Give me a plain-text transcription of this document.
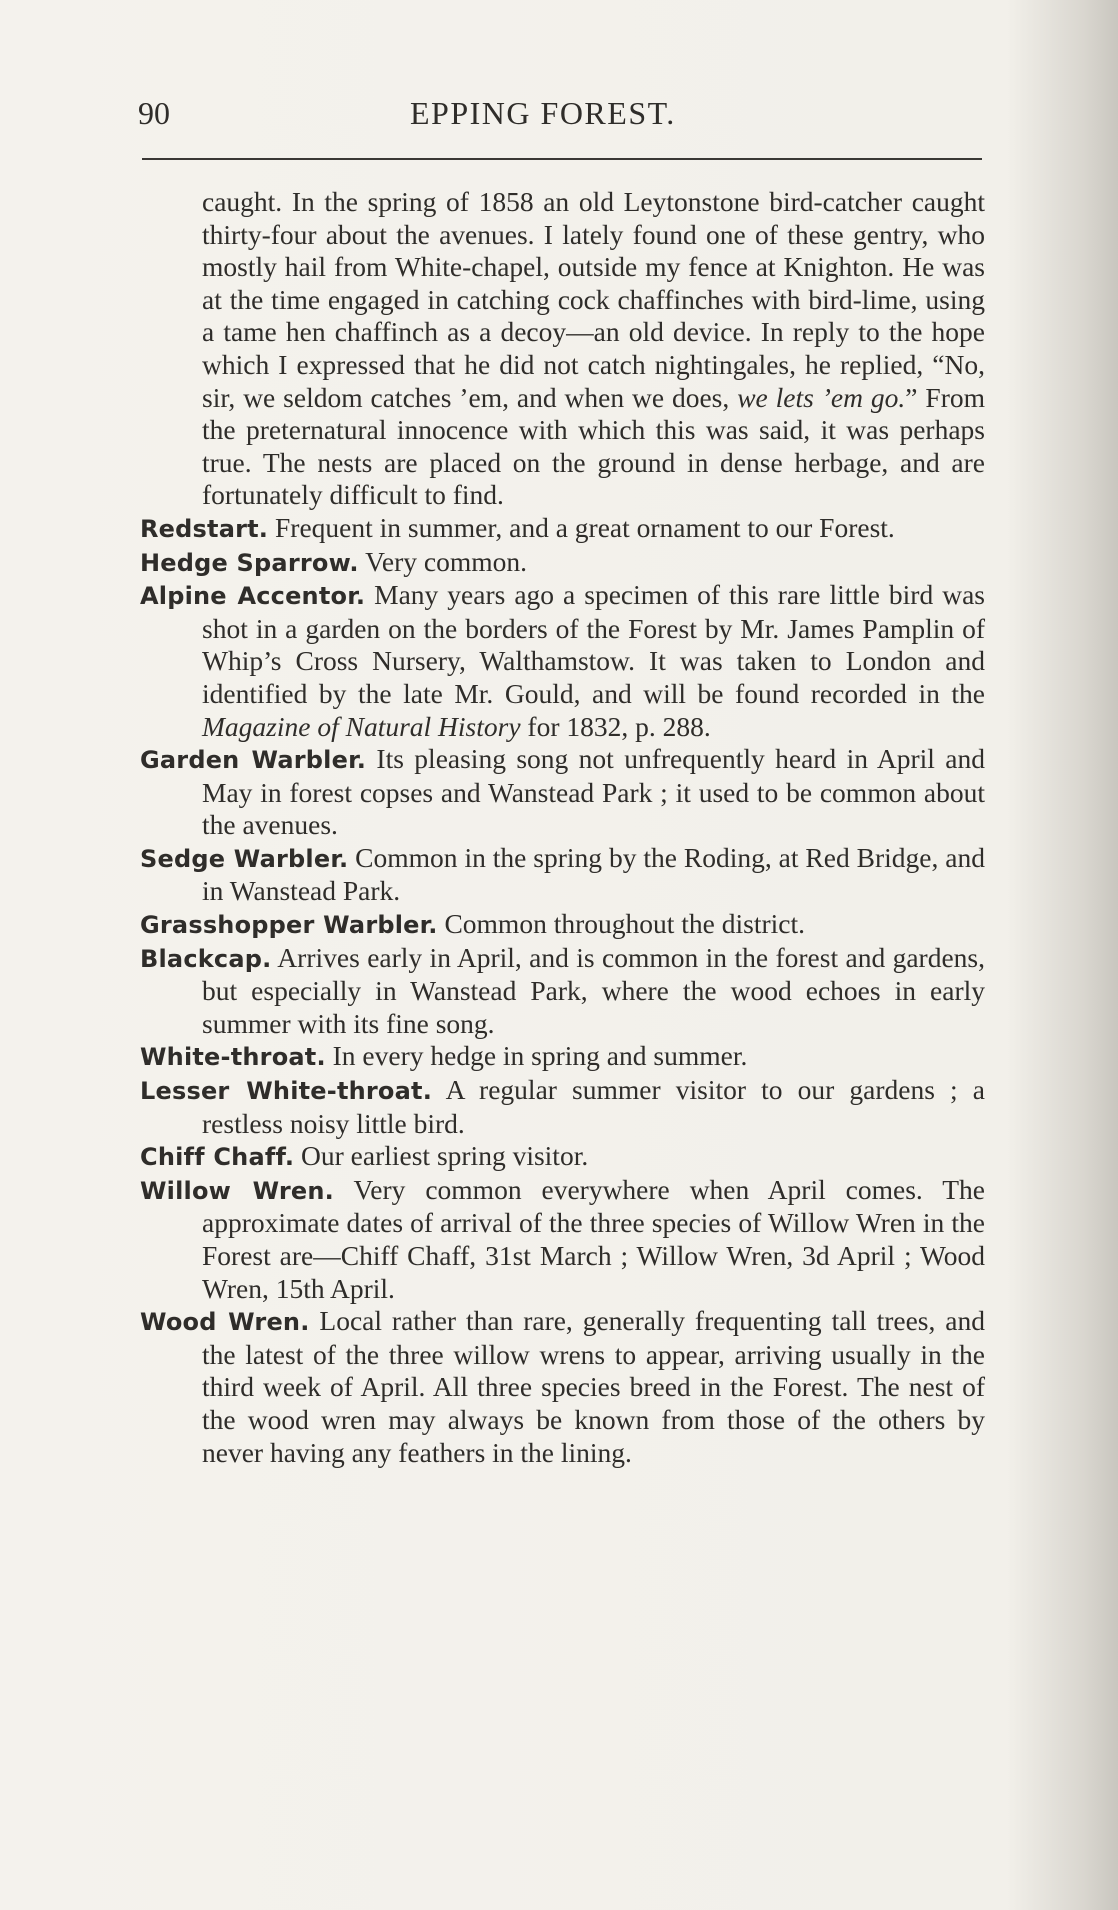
90	EPPING FOREST.

caught. In the spring of 1858 an old Leytonstone bird-catcher caught thirty-four about the avenues. I lately found one of these gentry, who mostly hail from White-chapel, outside my fence at Knighton. He was at the time engaged in catching cock chaffinches with bird-lime, using a tame hen chaffinch as a decoy—an old device. In reply to the hope which I expressed that he did not catch nightingales, he replied, “No, sir, we seldom catches ’em, and when we does, we lets ’em go.” From the preternatural innocence with which this was said, it was perhaps true. The nests are placed on the ground in dense herbage, and are fortunately difficult to find.

Redstart. Frequent in summer, and a great ornament to our Forest.

Hedge Sparrow. Very common.

Alpine Accentor. Many years ago a specimen of this rare little bird was shot in a garden on the borders of the Forest by Mr. James Pamplin of Whip’s Cross Nursery, Walthamstow. It was taken to London and identified by the late Mr. Gould, and will be found recorded in the Magazine of Natural History for 1832, p. 288.

Garden Warbler. Its pleasing song not unfrequently heard in April and May in forest copses and Wanstead Park ; it used to be common about the avenues.

Sedge Warbler. Common in the spring by the Roding, at Red Bridge, and in Wanstead Park.

Grasshopper Warbler. Common throughout the district.

Blackcap. Arrives early in April, and is common in the forest and gardens, but especially in Wanstead Park, where the wood echoes in early summer with its fine song.

White-throat. In every hedge in spring and summer.

Lesser White-throat. A regular summer visitor to our gardens ; a restless noisy little bird.

Chiff Chaff. Our earliest spring visitor.

Willow Wren. Very common everywhere when April comes. The approximate dates of arrival of the three species of Willow Wren in the Forest are—Chiff Chaff, 31st March ; Willow Wren, 3d April ; Wood Wren, 15th April.

Wood Wren. Local rather than rare, generally frequenting tall trees, and the latest of the three willow wrens to appear, arriving usually in the third week of April. All three species breed in the Forest. The nest of the wood wren may always be known from those of the others by never having any feathers in the lining.
